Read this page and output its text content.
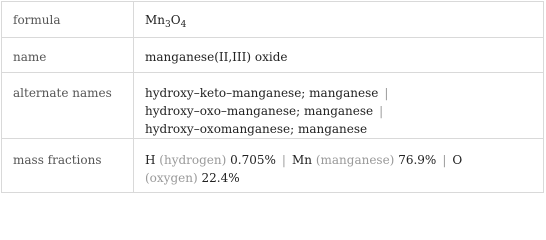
formula	$Mn_3O_4$

name	manganese(II,III) oxide

alternate names	hydroxy–keto–manganese; manganese |
hydroxy–oxo–manganese; manganese |
hydroxy–oxomanganese; manganese

mass fractions	H (hydrogen) 0.705% | Mn (manganese) 76.9% | O
(oxygen) 22.4%
